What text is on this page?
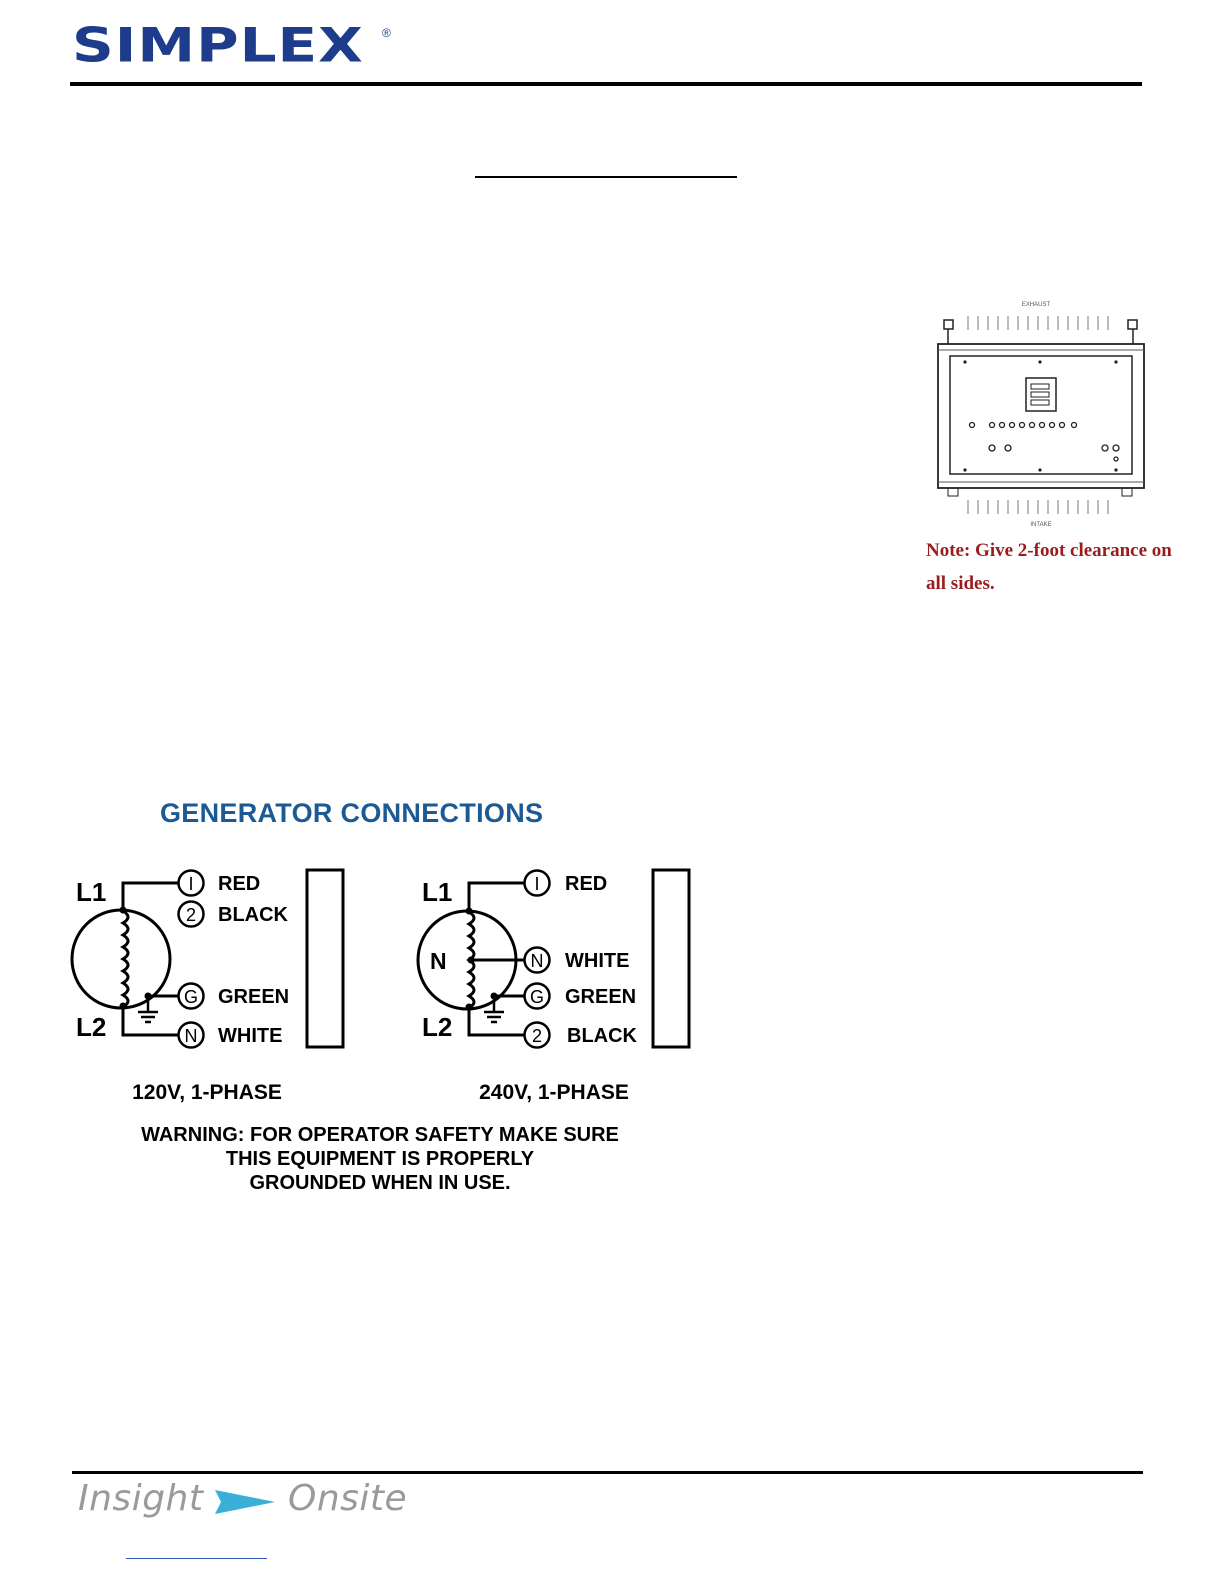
SIMPLEX ®
EXHAUST
INTAKE
Note: Give 2-foot clearance on all sides.
GENERATOR CONNECTIONS
L1
L2
I RED
2 BLACK
G GREEN
N WHITE
120V, 1-PHASE
L1
L2
N
I RED
N WHITE
G GREEN
2 BLACK
240V, 1-PHASE
WARNING: FOR OPERATOR SAFETY MAKE SURE
THIS EQUIPMENT IS PROPERLY
GROUNDED WHEN IN USE.
Insight Onsite
